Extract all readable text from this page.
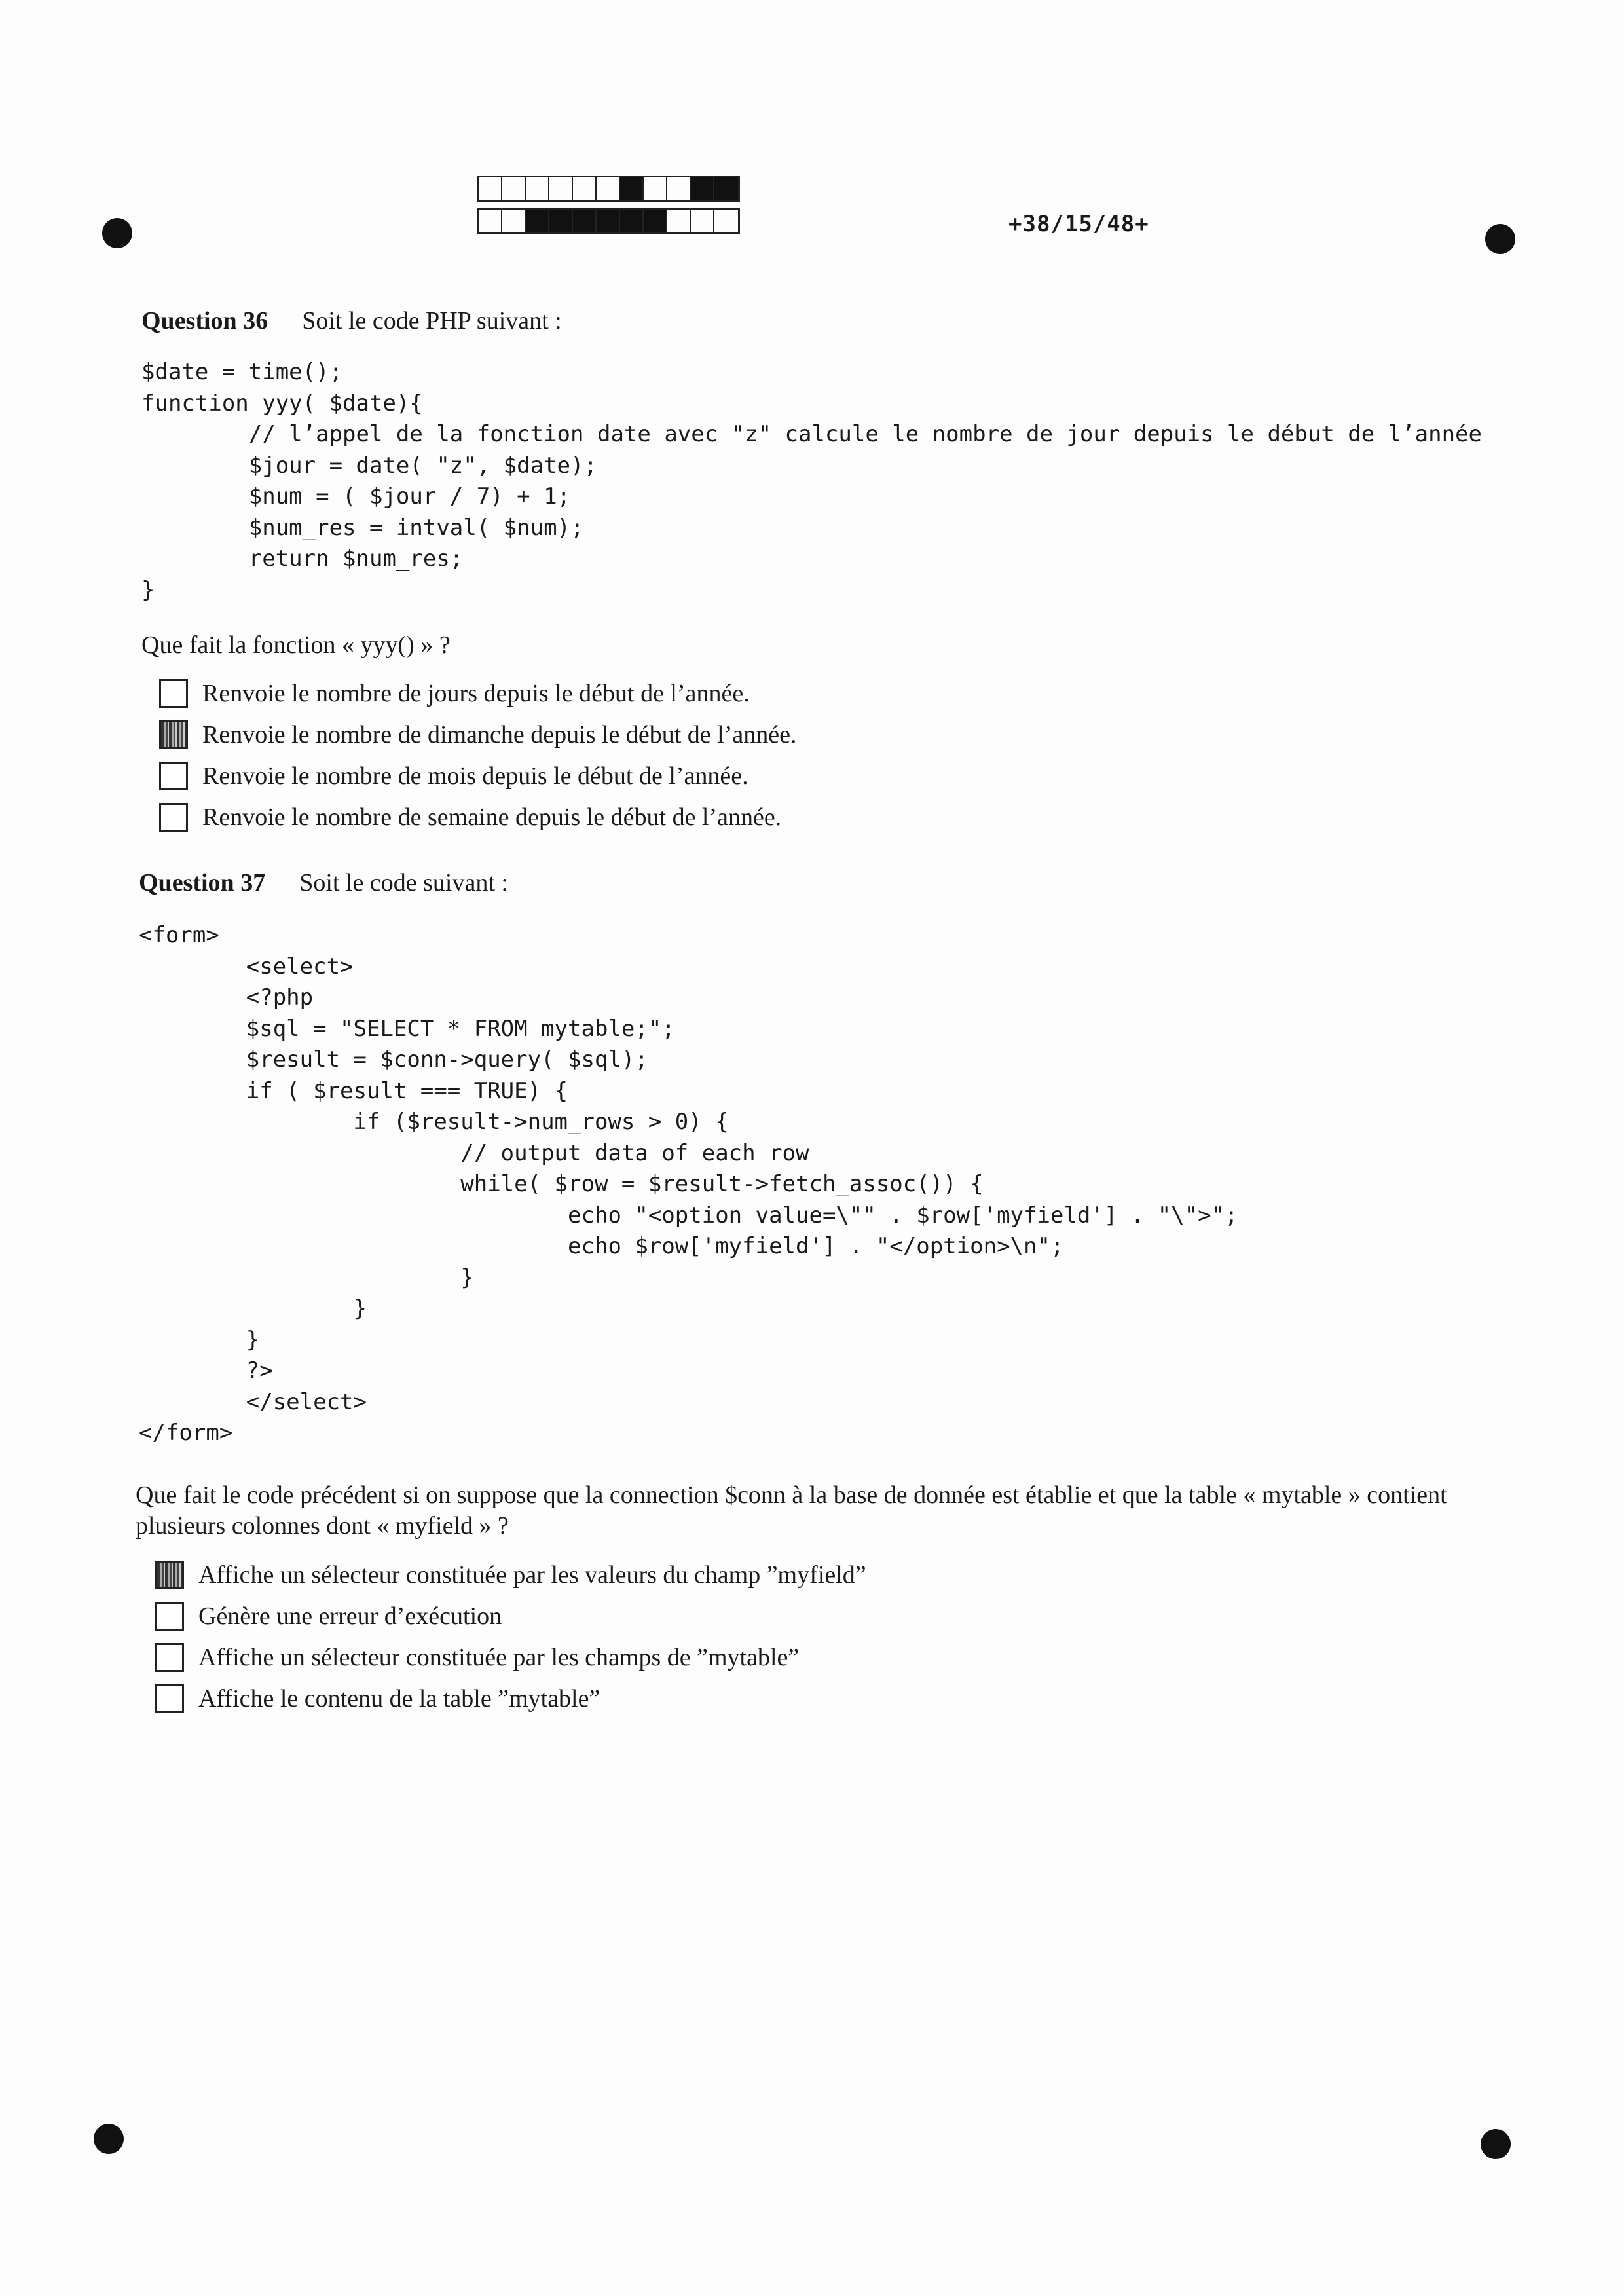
+38/15/48+
Question 36 Soit le code PHP suivant :
$date = time();
function yyy( $date){
// l’appel de la fonction date avec "z" calcule le nombre de jour depuis le début de l’année
$jour = date( "z", $date);
$num = ( $jour / 7) + 1;
$num_res = intval( $num);
return $num_res;
}
Que fait la fonction « yyy() » ?
Renvoie le nombre de jours depuis le début de l’année.
Renvoie le nombre de dimanche depuis le début de l’année.
Renvoie le nombre de mois depuis le début de l’année.
Renvoie le nombre de semaine depuis le début de l’année.
Question 37 Soit le code suivant :
<form>
<select>
<?php
$sql = "SELECT * FROM mytable;";
$result = $conn->query( $sql);
if ( $result === TRUE) {
if ($result->num_rows > 0) {
// output data of each row
while( $row = $result->fetch_assoc()) {
echo "<option value=\"" . $row['myfield'] . "\">";
echo $row['myfield'] . "</option>\n";
}
}
}
?>
</select>
</form>
Que fait le code précédent si on suppose que la connection $conn à la base de donnée est établie et que la table « mytable » contient plusieurs colonnes dont « myfield » ?
Affiche un sélecteur constituée par les valeurs du champ ”myfield”
Génère une erreur d’exécution
Affiche un sélecteur constituée par les champs de ”mytable”
Affiche le contenu de la table ”mytable”
